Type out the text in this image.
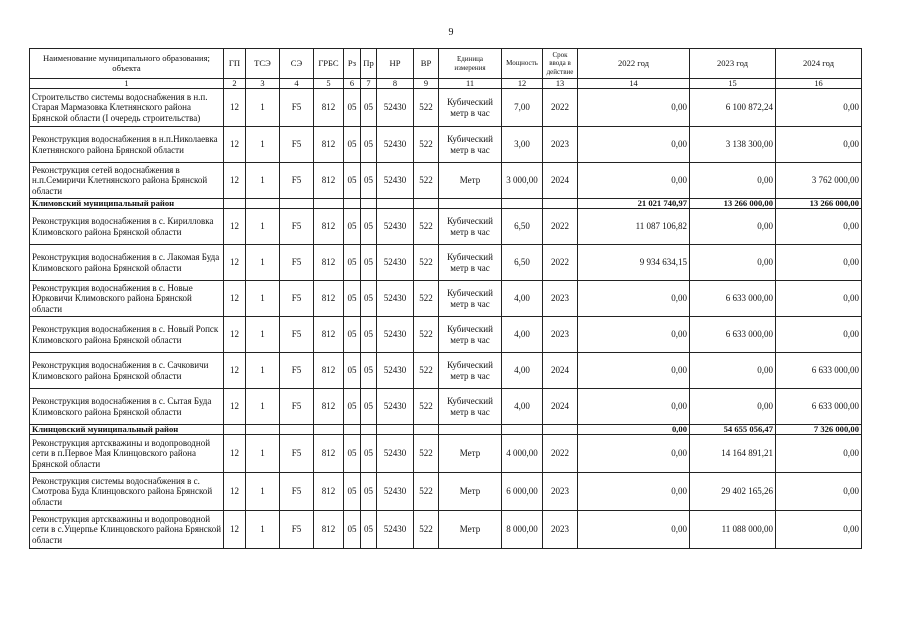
9
Наименование муниципального образования; объекта	ГП	ТСЭ	СЭ	ГРБС	Рз	Пр	НР	ВР	Единица измерения	Мощность	Срок ввода в действие	2022 год	2023 год	2024 год
1	2	3	4	5	6	7	8	9	11	12	13	14	15	16
Строительство системы водоснабжения в н.п. Старая Мармазовка Клетнянского района Брянской области (I очередь строительства)	12	1	F5	812	05	05	52430	522	Кубический метр в час	7,00	2022	0,00	6 100 872,24	0,00
Реконструкция водоснабжения в н.п.Николаевка Клетнянского района Брянской области	12	1	F5	812	05	05	52430	522	Кубический метр в час	3,00	2023	0,00	3 138 300,00	0,00
Реконструкция сетей водоснабжения в н.п.Семиричи Клетнянского района Брянской области	12	1	F5	812	05	05	52430	522	Метр	3 000,00	2024	0,00	0,00	3 762 000,00
Климовский муниципальный район												21 021 740,97	13 266 000,00	13 266 000,00
Реконструкция водоснабжения в с. Кирилловка Климовского района Брянской области	12	1	F5	812	05	05	52430	522	Кубический метр в час	6,50	2022	11 087 106,82	0,00	0,00
Реконструкция водоснабжения в с. Лакомая Буда Климовского района Брянской области	12	1	F5	812	05	05	52430	522	Кубический метр в час	6,50	2022	9 934 634,15	0,00	0,00
Реконструкция водоснабжения в с. Новые Юрковичи Климовского района Брянской области	12	1	F5	812	05	05	52430	522	Кубический метр в час	4,00	2023	0,00	6 633 000,00	0,00
Реконструкция водоснабжения в с. Новый Ропск Климовского района Брянской области	12	1	F5	812	05	05	52430	522	Кубический метр в час	4,00	2023	0,00	6 633 000,00	0,00
Реконструкция водоснабжения в с. Сачковичи Климовского района Брянской области	12	1	F5	812	05	05	52430	522	Кубический метр в час	4,00	2024	0,00	0,00	6 633 000,00
Реконструкция водоснабжения в с. Сытая Буда Климовского района Брянской области	12	1	F5	812	05	05	52430	522	Кубический метр в час	4,00	2024	0,00	0,00	6 633 000,00
Клинцовский муниципальный район												0,00	54 655 056,47	7 326 000,00
Реконструкция артскважины и водопроводной сети в п.Первое Мая Клинцовского района Брянской области	12	1	F5	812	05	05	52430	522	Метр	4 000,00	2022	0,00	14 164 891,21	0,00
Реконструкция системы водоснабжения в с. Смотрова Буда Клинцовского района Брянской области	12	1	F5	812	05	05	52430	522	Метр	6 000,00	2023	0,00	29 402 165,26	0,00
Реконструкция артскважины и водопроводной сети в с.Ущерпье Клинцовского района Брянской области	12	1	F5	812	05	05	52430	522	Метр	8 000,00	2023	0,00	11 088 000,00	0,00
